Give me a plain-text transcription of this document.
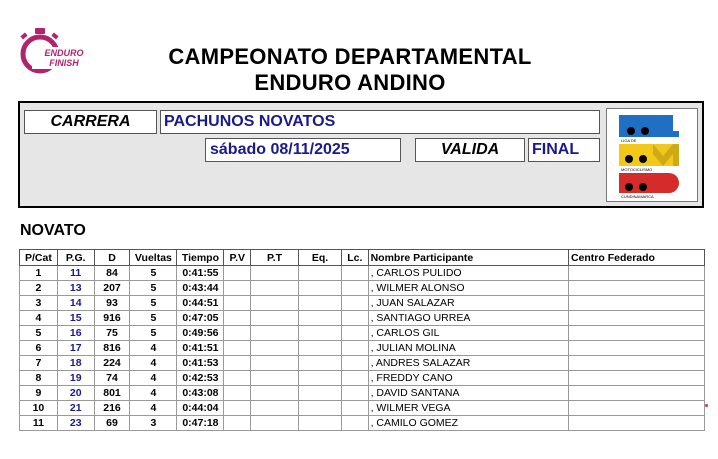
ENDURO
FINISH	CAMPEONATO DEPARTAMENTAL
ENDURO ANDINO
CARRERA	PACHUNOS NOVATOS
sábado 08/11/2025	VALIDA	FINAL
LIGA DE
MOTOCICLISMO
CUNDINAMARCA
NOVATO
P/Cat	P.G.	D	Vueltas	Tiempo	P.V	P.T	Eq.	Lc.	Nombre Participante	Centro Federado
1	11	84	5	0:41:55					, CARLOS PULIDO	
2	13	207	5	0:43:44					, WILMER ALONSO	
3	14	93	5	0:44:51					, JUAN SALAZAR	
4	15	916	5	0:47:05					, SANTIAGO URREA	
5	16	75	5	0:49:56					, CARLOS GIL	
6	17	816	4	0:41:51					, JULIAN MOLINA	
7	18	224	4	0:41:53					, ANDRES SALAZAR	
8	19	74	4	0:42:53					, FREDDY CANO	
9	20	801	4	0:43:08					, DAVID SANTANA	
10	21	216	4	0:44:04					, WILMER VEGA	
11	23	69	3	0:47:18					, CAMILO GOMEZ	
